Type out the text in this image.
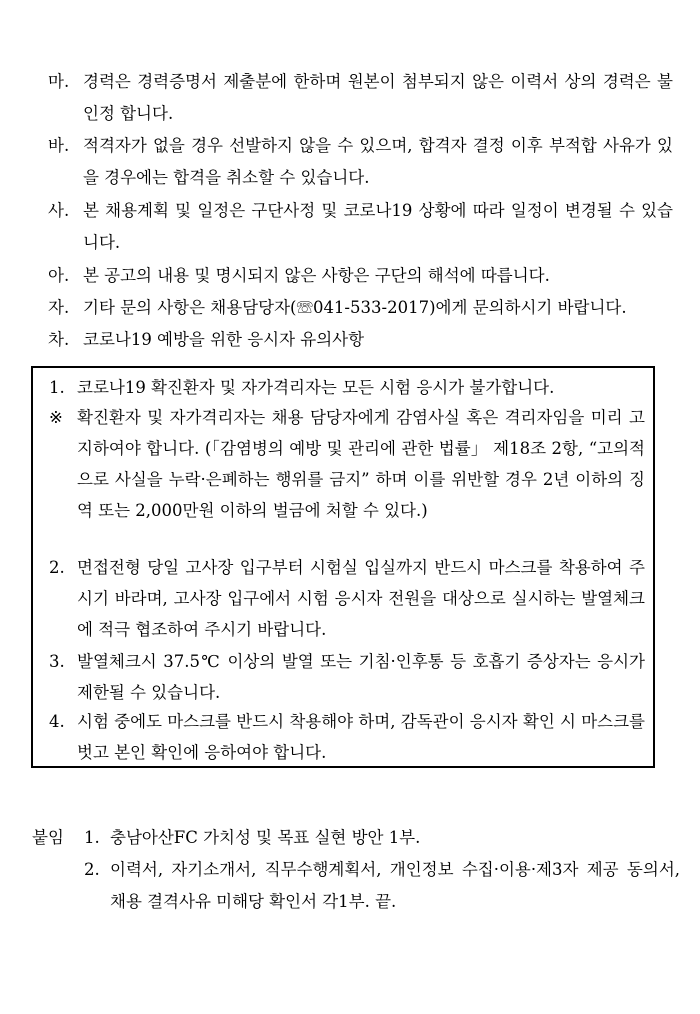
마. 경력은 경력증명서 제출분에 한하며 원본이 첨부되지 않은 이력서 상의 경력은 불인정 합니다.
바. 적격자가 없을 경우 선발하지 않을 수 있으며, 합격자 결정 이후 부적합 사유가 있을 경우에는 합격을 취소할 수 있습니다.
사. 본 채용계획 및 일정은 구단사정 및 코로나19 상황에 따라 일정이 변경될 수 있습니다.
아. 본 공고의 내용 및 명시되지 않은 사항은 구단의 해석에 따릅니다.
자. 기타 문의 사항은 채용담당자(☏041-533-2017)에게 문의하시기 바랍니다.
차. 코로나19 예방을 위한 응시자 유의사항
1. 코로나19 확진환자 및 자가격리자는 모든 시험 응시가 불가합니다.
※ 확진환자 및 자가격리자는 채용 담당자에게 감염사실 혹은 격리자임을 미리 고지하여야 합니다. (「감염병의 예방 및 관리에 관한 법률」 제18조 2항, “고의적으로 사실을 누락·은폐하는 행위를 금지” 하며 이를 위반할 경우 2년 이하의 징역 또는 2,000만원 이하의 벌금에 처할 수 있다.)
2. 면접전형 당일 고사장 입구부터 시험실 입실까지 반드시 마스크를 착용하여 주시기 바라며, 고사장 입구에서 시험 응시자 전원을 대상으로 실시하는 발열체크에 적극 협조하여 주시기 바랍니다.
3. 발열체크시 37.5℃ 이상의 발열 또는 기침·인후통 등 호흡기 증상자는 응시가 제한될 수 있습니다.
4. 시험 중에도 마스크를 반드시 착용해야 하며, 감독관이 응시자 확인 시 마스크를 벗고 본인 확인에 응하여야 합니다.
붙임 1. 충남아산FC 가치성 및 목표 실현 방안 1부.
2. 이력서, 자기소개서, 직무수행계획서, 개인정보 수집·이용·제3자 제공 동의서, 채용 결격사유 미해당 확인서 각1부. 끝.
